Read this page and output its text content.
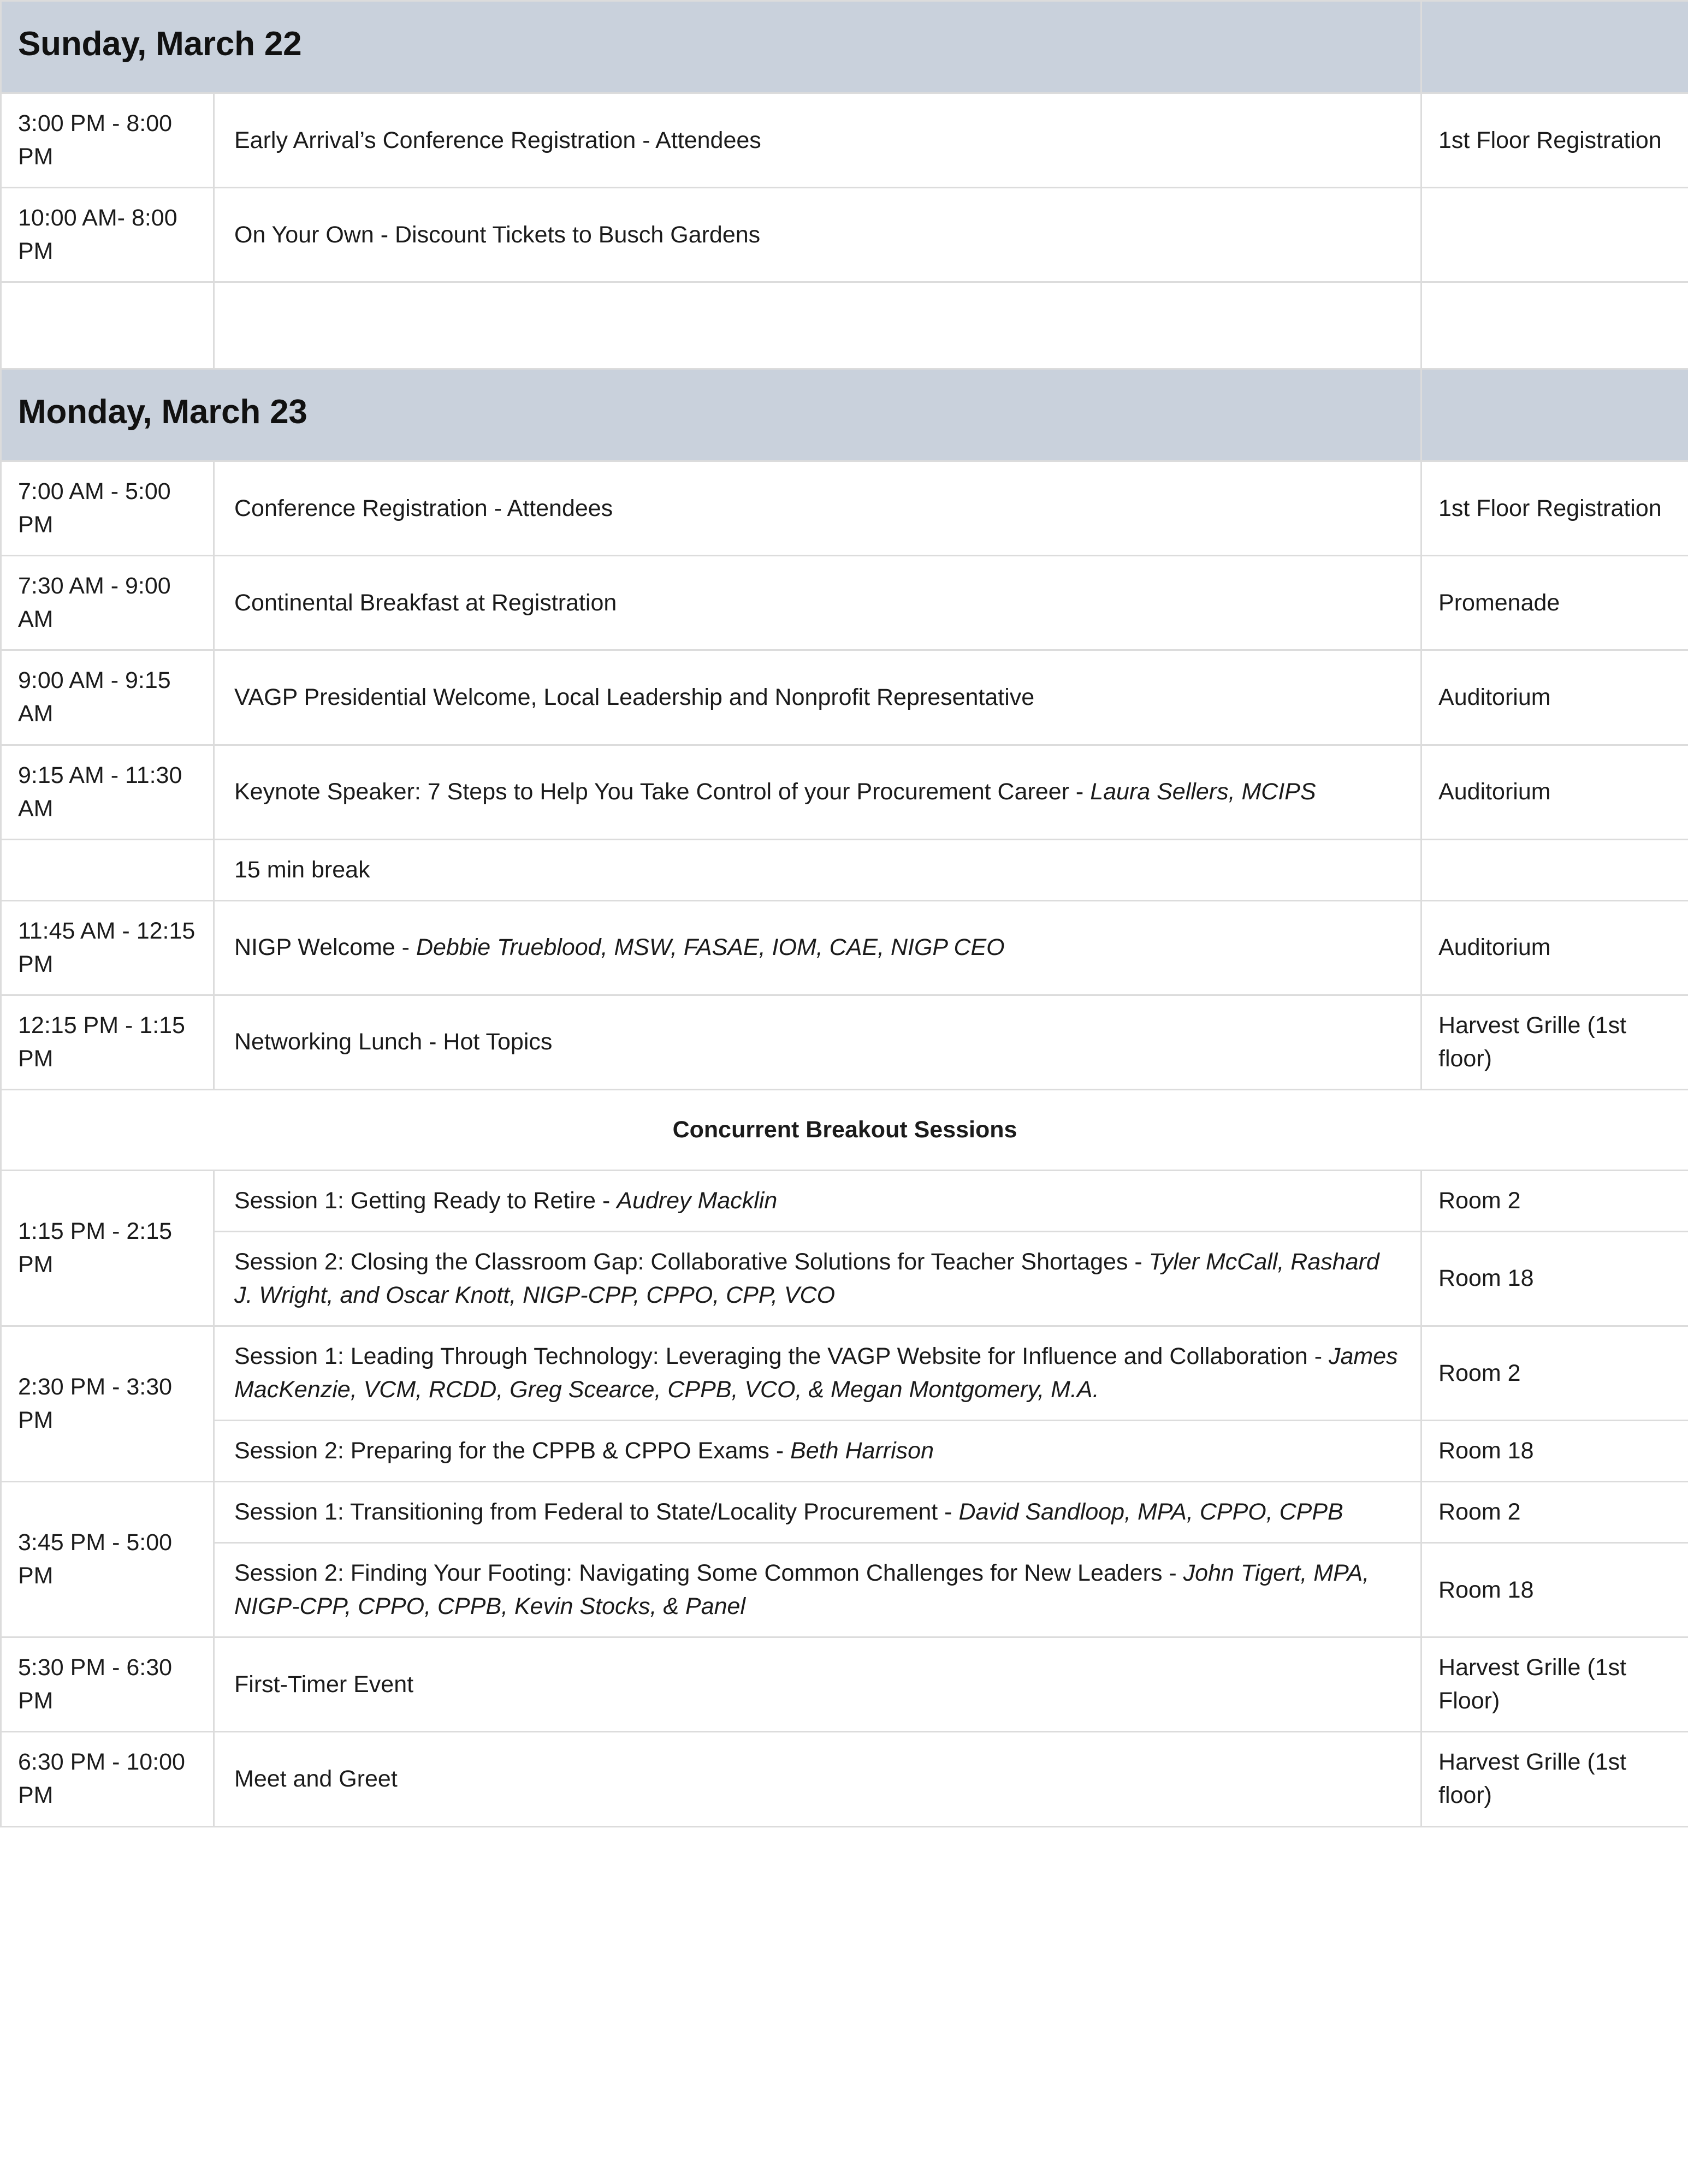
Sunday, March 22		
3:00 PM - 8:00 PM	Early Arrival’s Conference Registration - Attendees	1st Floor Registration
10:00 AM- 8:00 PM	On Your Own - Discount Tickets to Busch Gardens	

Monday, March 23		
7:00 AM - 5:00 PM	Conference Registration - Attendees	1st Floor Registration
7:30 AM - 9:00 AM	Continental Breakfast at Registration	Promenade
9:00 AM - 9:15 AM	VAGP Presidential Welcome, Local Leadership and Nonprofit Representative	Auditorium
9:15 AM - 11:30 AM	Keynote Speaker: 7 Steps to Help You Take Control of your Procurement Career - Laura Sellers, MCIPS	Auditorium
	15 min break	
11:45 AM - 12:15 PM	NIGP Welcome - Debbie Trueblood, MSW, FASAE, IOM, CAE, NIGP CEO	Auditorium
12:15 PM - 1:15 PM	Networking Lunch - Hot Topics	Harvest Grille (1st floor)
Concurrent Breakout Sessions		
1:15 PM - 2:15 PM	Session 1: Getting Ready to Retire - Audrey Macklin	Room 2
	Session 2: Closing the Classroom Gap: Collaborative Solutions for Teacher Shortages - Tyler McCall, Rashard J. Wright, and Oscar Knott, NIGP-CPP, CPPO, CPP, VCO	Room 18
2:30 PM - 3:30 PM	Session 1: Leading Through Technology: Leveraging the VAGP Website for Influence and Collaboration - James MacKenzie, VCM, RCDD, Greg Scearce, CPPB, VCO, & Megan Montgomery, M.A.	Room 2
	Session 2: Preparing for the CPPB & CPPO Exams - Beth Harrison	Room 18
3:45 PM - 5:00 PM	Session 1: Transitioning from Federal to State/Locality Procurement - David Sandloop, MPA, CPPO, CPPB	Room 2
	Session 2: Finding Your Footing: Navigating Some Common Challenges for New Leaders - John Tigert, MPA, NIGP-CPP, CPPO, CPPB, Kevin Stocks, & Panel	Room 18
5:30 PM - 6:30 PM	First-Timer Event	Harvest Grille (1st Floor)
6:30 PM - 10:00 PM	Meet and Greet	Harvest Grille (1st floor)
